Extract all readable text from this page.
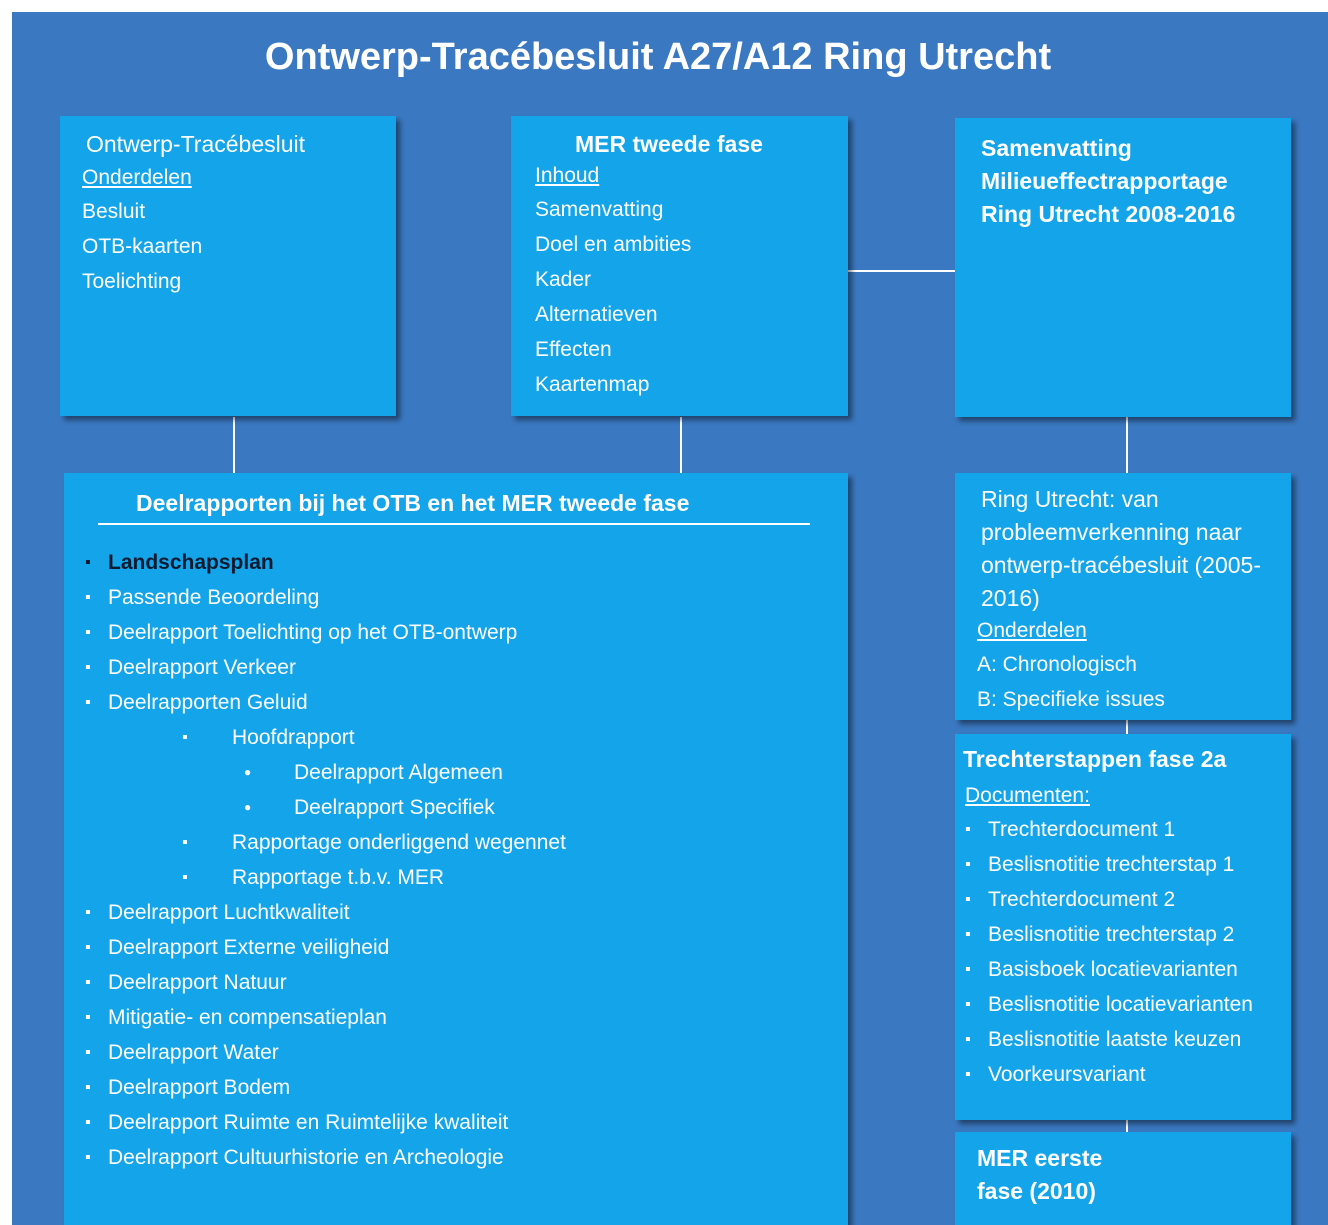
Ontwerp-Tracébesluit A27/A12 Ring Utrecht
Ontwerp-Tracébesluit
Onderdelen
Besluit
OTB-kaarten
Toelichting
MER tweede fase
Inhoud
Samenvatting
Doel en ambities
Kader
Alternatieven
Effecten
Kaartenmap
Samenvatting Milieueffectrapportage Ring Utrecht 2008-2016
Deelrapporten bij het OTB en het MER tweede fase
▪ Landschapsplan
▪ Passende Beoordeling
▪ Deelrapport Toelichting op het OTB-ontwerp
▪ Deelrapport Verkeer
▪ Deelrapporten Geluid
▪ Hoofdrapport
● Deelrapport Algemeen
● Deelrapport Specifiek
▪ Rapportage onderliggend wegennet
▪ Rapportage t.b.v. MER
▪ Deelrapport Luchtkwaliteit
▪ Deelrapport Externe veiligheid
▪ Deelrapport Natuur
▪ Mitigatie- en compensatieplan
▪ Deelrapport Water
▪ Deelrapport Bodem
▪ Deelrapport Ruimte en Ruimtelijke kwaliteit
▪ Deelrapport Cultuurhistorie en Archeologie
Ring Utrecht: van probleemverkenning naar ontwerp-tracébesluit (2005-2016)
Onderdelen
A: Chronologisch
B: Specifieke issues
Trechterstappen fase 2a
Documenten:
▪ Trechterdocument 1
▪ Beslisnotitie trechterstap 1
▪ Trechterdocument 2
▪ Beslisnotitie trechterstap 2
▪ Basisboek locatievarianten
▪ Beslisnotitie locatievarianten
▪ Beslisnotitie laatste keuzen
▪ Voorkeursvariant
MER eerste fase (2010)
